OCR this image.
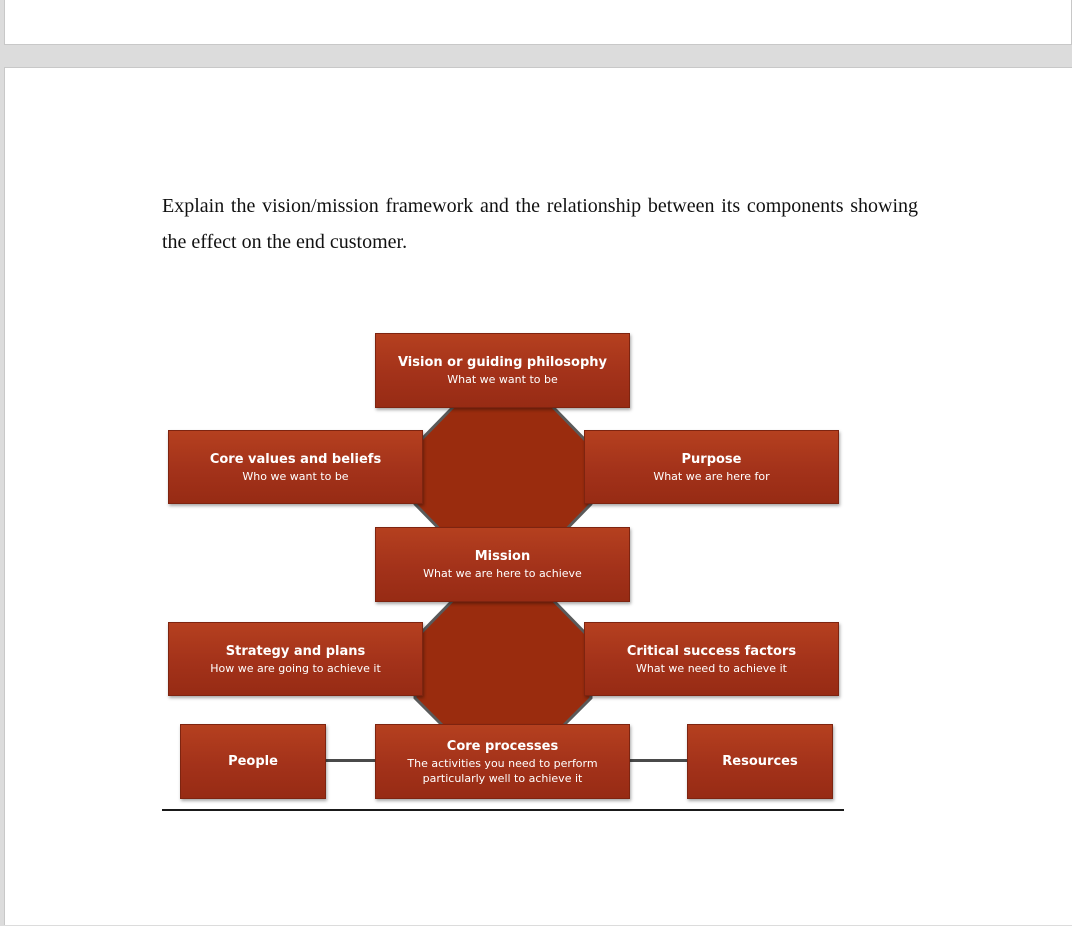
Explain the vision/mission framework and the relationship between its components showing the effect on the end customer.

Vision or guiding philosophy
What we want to be
Core values and beliefs
Who we want to be
Purpose
What we are here for
Mission
What we are here to achieve
Strategy and plans
How we are going to achieve it
Critical success factors
What we need to achieve it
People
Core processes
The activities you need to perform
particularly well to achieve it
Resources
